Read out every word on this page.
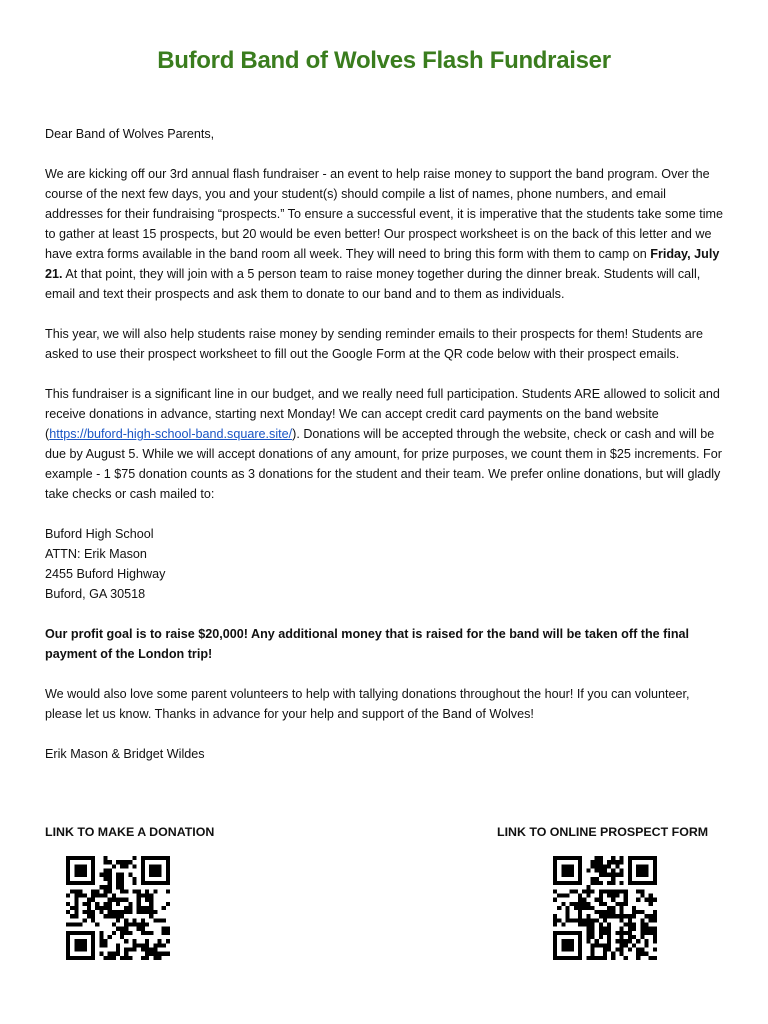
Buford Band of Wolves Flash Fundraiser

Dear Band of Wolves Parents,

We are kicking off our 3rd annual flash fundraiser - an event to help raise money to support the band program. Over the course of the next few days, you and your student(s) should compile a list of names, phone numbers, and email addresses for their fundraising “prospects.” To ensure a successful event, it is imperative that the students take some time to gather at least 15 prospects, but 20 would be even better! Our prospect worksheet is on the back of this letter and we have extra forms available in the band room all week. They will need to bring this form with them to camp on Friday, July 21. At that point, they will join with a 5 person team to raise money together during the dinner break. Students will call, email and text their prospects and ask them to donate to our band and to them as individuals.

This year, we will also help students raise money by sending reminder emails to their prospects for them! Students are asked to use their prospect worksheet to fill out the Google Form at the QR code below with their prospect emails.

This fundraiser is a significant line in our budget, and we really need full participation. Students ARE allowed to solicit and receive donations in advance, starting next Monday! We can accept credit card payments on the band website (https://buford-high-school-band.square.site/). Donations will be accepted through the website, check or cash and will be due by August 5. While we will accept donations of any amount, for prize purposes, we count them in $25 increments. For example - 1 $75 donation counts as 3 donations for the student and their team. We prefer online donations, but will gladly take checks or cash mailed to:

Buford High School
ATTN: Erik Mason
2455 Buford Highway
Buford, GA 30518

Our profit goal is to raise $20,000! Any additional money that is raised for the band will be taken off the final payment of the London trip!

We would also love some parent volunteers to help with tallying donations throughout the hour! If you can volunteer, please let us know. Thanks in advance for your help and support of the Band of Wolves!

Erik Mason & Bridget Wildes

LINK TO MAKE A DONATION	LINK TO ONLINE PROSPECT FORM
